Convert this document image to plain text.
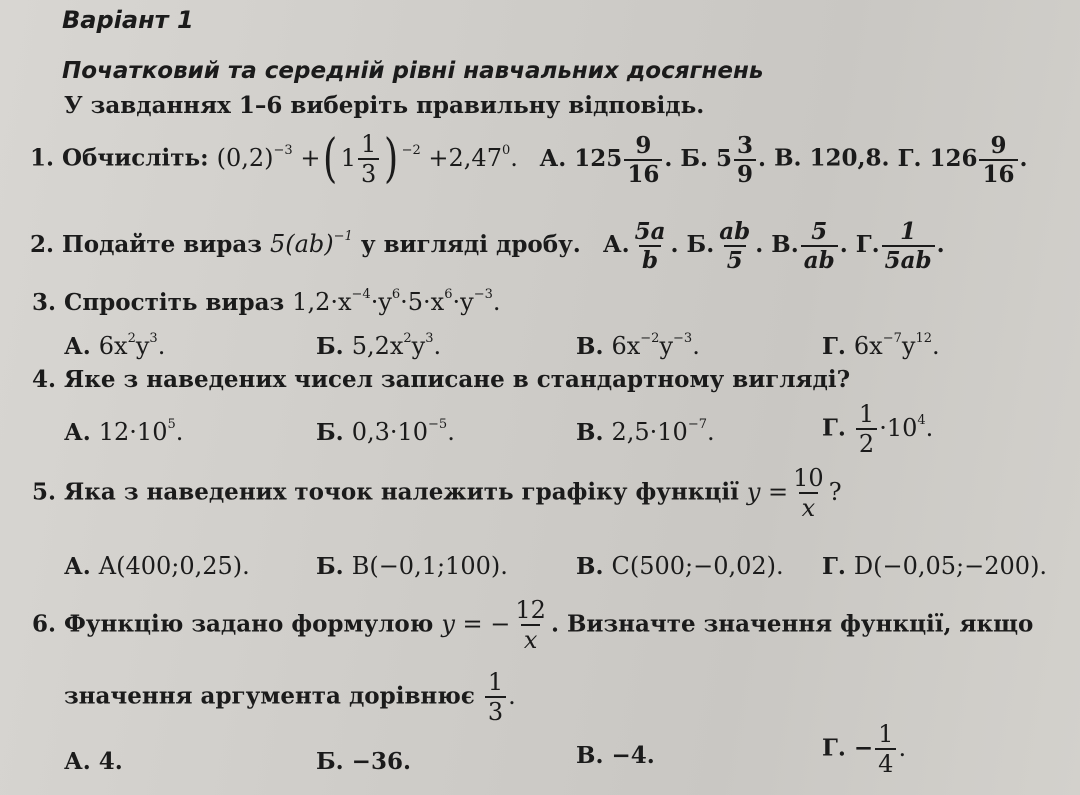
Варіант 1
Початковий та середній рівні навчальних досягнень
У завданнях 1–6 виберіть правильну відповідь.
1. Обчисліть: $(0,2)^{-3}$ +( $1 \frac{1}{3}$ ) $^{-2} +2,47^0$. А. $125 \frac{9}{16}$ . Б. $5 \frac{3}{9}$ . В. 120,8. Г. $126 \frac{9}{16}$ .
2. Подайте вираз 5(ab)$^{-1}$ у вигляді дробу. А. $\frac{5a}{b}$ . Б. $\frac{ab}{5}$ . В. $\frac{5}{ab}$ . Г. $\frac{1}{5ab}$ .
3. Спростіть вираз $1,2\cdot x^{-4}\cdot y^6\cdot 5\cdot x^6\cdot y^{-3}$.
А. $6x^2y^3$.	Б. $5,2x^2y^3$.	В. $6x^{-2}y^{-3}$.	Г. $6x^{-7}y^{12}$.
4. Яке з наведених чисел записане в стандартному вигляді?
А. $12\cdot 10^5$.	Б. $0,3\cdot 10^{-5}$.	В. $2,5\cdot 10^{-7}$.	Г. $\frac{1}{2} \cdot 10^4$.
5. Яка з наведених точок належить графіку функції $y = \frac{10}{x}$ ?
А. A(400;0,25).	Б. B(−0,1;100).	В. C(500;−0,02). Г. D(−0,05;−200).
6. Функцію задано формулою y = − $\frac{12}{x}$ . Визначте значення функції, якщо
значення аргумента дорівнює $\frac{1}{3}$ .
А. 4.	Б. −36.	В. −4.	Г. − $\frac{1}{4}$ .
